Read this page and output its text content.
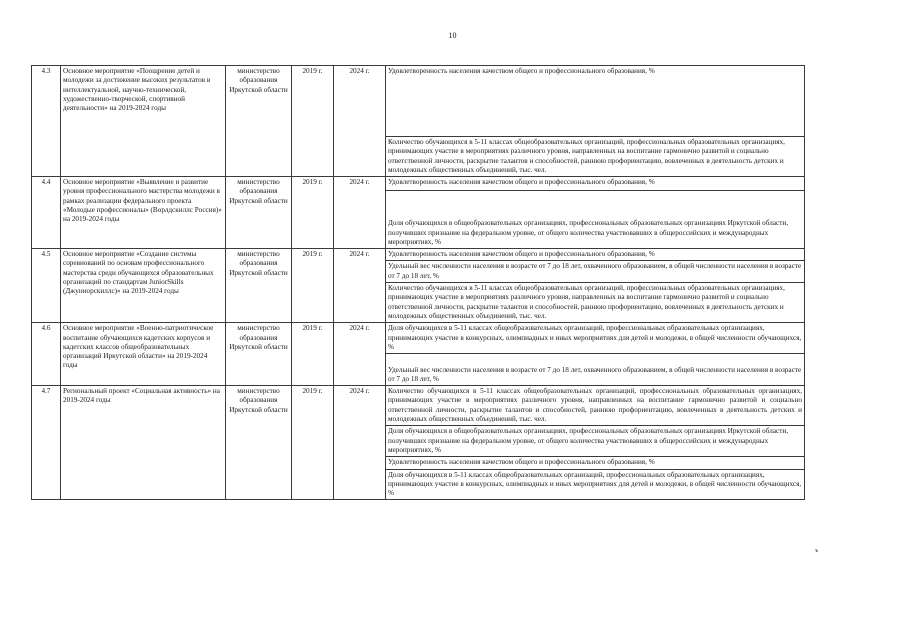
10
4.3	Основное мероприятие «Поощрение детей и молодежи за достижение высоких результатов в интеллектуальной, научно-технической, художественно-творческой, спортивной деятельности» на 2019-2024 годы	министерство образования Иркутской области	2019 г.	2024 г.	Удовлетворенность населения качеством общего и профессионального образования, %
					Количество обучающихся в 5-11 классах общеобразовательных организаций, профессиональных образовательных организациях, принимающих участие в мероприятиях различного уровня, направленных на воспитание гармонично развитой и социально ответственной личности, раскрытие талантов и способностей, раннюю профориентацию, вовлеченных в деятельность детских и молодежных общественных объединений, тыс. чел.
4.4	Основное мероприятие «Выявление и развитие уровня профессионального мастерства молодежи в рамках реализации федерального проекта «Молодые профессионалы» (Ворлдскиллс Россия)» на 2019-2024 годы	министерство образования Иркутской области	2019 г.	2024 г.	Удовлетворенность населения качеством общего и профессионального образования, %
					Доля обучающихся в общеобразовательных организациях, профессиональных образовательных организациях Иркутской области, получивших признание на федеральном уровне, от общего количества участвовавших в общероссийских и международных мероприятиях, %
4.5	Основное мероприятие «Создание системы соревнований по основам профессионального мастерства среди обучающихся образовательных организаций по стандартам JuniorSkills (Джуниорскиллс)» на 2019-2024 годы	министерство образования Иркутской области	2019 г.	2024 г.	Удовлетворенность населения качеством общего и профессионального образования, %
					Удельный вес численности населения в возрасте от 7 до 18 лет, охваченного образованием, в общей численности населения в возрасте от 7 до 18 лет, %
					Количество обучающихся в 5-11 классах общеобразовательных организаций, профессиональных образовательных организациях, принимающих участие в мероприятиях различного уровня, направленных на воспитание гармонично развитой и социально ответственной личности, раскрытие талантов и способностей, раннюю профориентацию, вовлеченных в деятельность детских и молодежных общественных объединений, тыс. чел.
4.6	Основное мероприятие «Военно-патриотическое воспитание обучающихся кадетских корпусов и кадетских классов общеобразовательных организаций Иркутской области» на 2019-2024 годы	министерство образования Иркутской области	2019 г.	2024 г.	Доля обучающихся в 5-11 классах общеобразовательных организаций, профессиональных образовательных организациях, принимающих участие в конкурсных, олимпиадных и иных мероприятиях для детей и молодежи, в общей численности обучающихся, %
					Удельный вес численности населения в возрасте от 7 до 18 лет, охваченного образованием, в общей численности населения в возрасте от 7 до 18 лет, %
4.7	Региональный проект «Социальная активность» на 2019-2024 годы	министерство образования Иркутской области	2019 г.	2024 г.	Количество обучающихся в 5-11 классах общеобразовательных организаций, профессиональных образовательных организациях, принимающих участие в мероприятиях различного уровня, направленных на воспитание гармонично развитой и социально ответственной личности, раскрытие талантов и способностей, раннюю профориентацию, вовлеченных в деятельность детских и молодежных общественных объединений, тыс. чел.
					Доля обучающихся в общеобразовательных организациях, профессиональных образовательных организациях Иркутской области, получивших признание на федеральном уровне, от общего количества участвовавших в общероссийских и международных мероприятиях, %
					Удовлетворенность населения качеством общего и профессионального образования, %
					Доля обучающихся в 5-11 классах общеобразовательных организаций, профессиональных образовательных организациях, принимающих участие в конкурсных, олимпиадных и иных мероприятиях для детей и молодежи, в общей численности обучающихся, %
ъ
